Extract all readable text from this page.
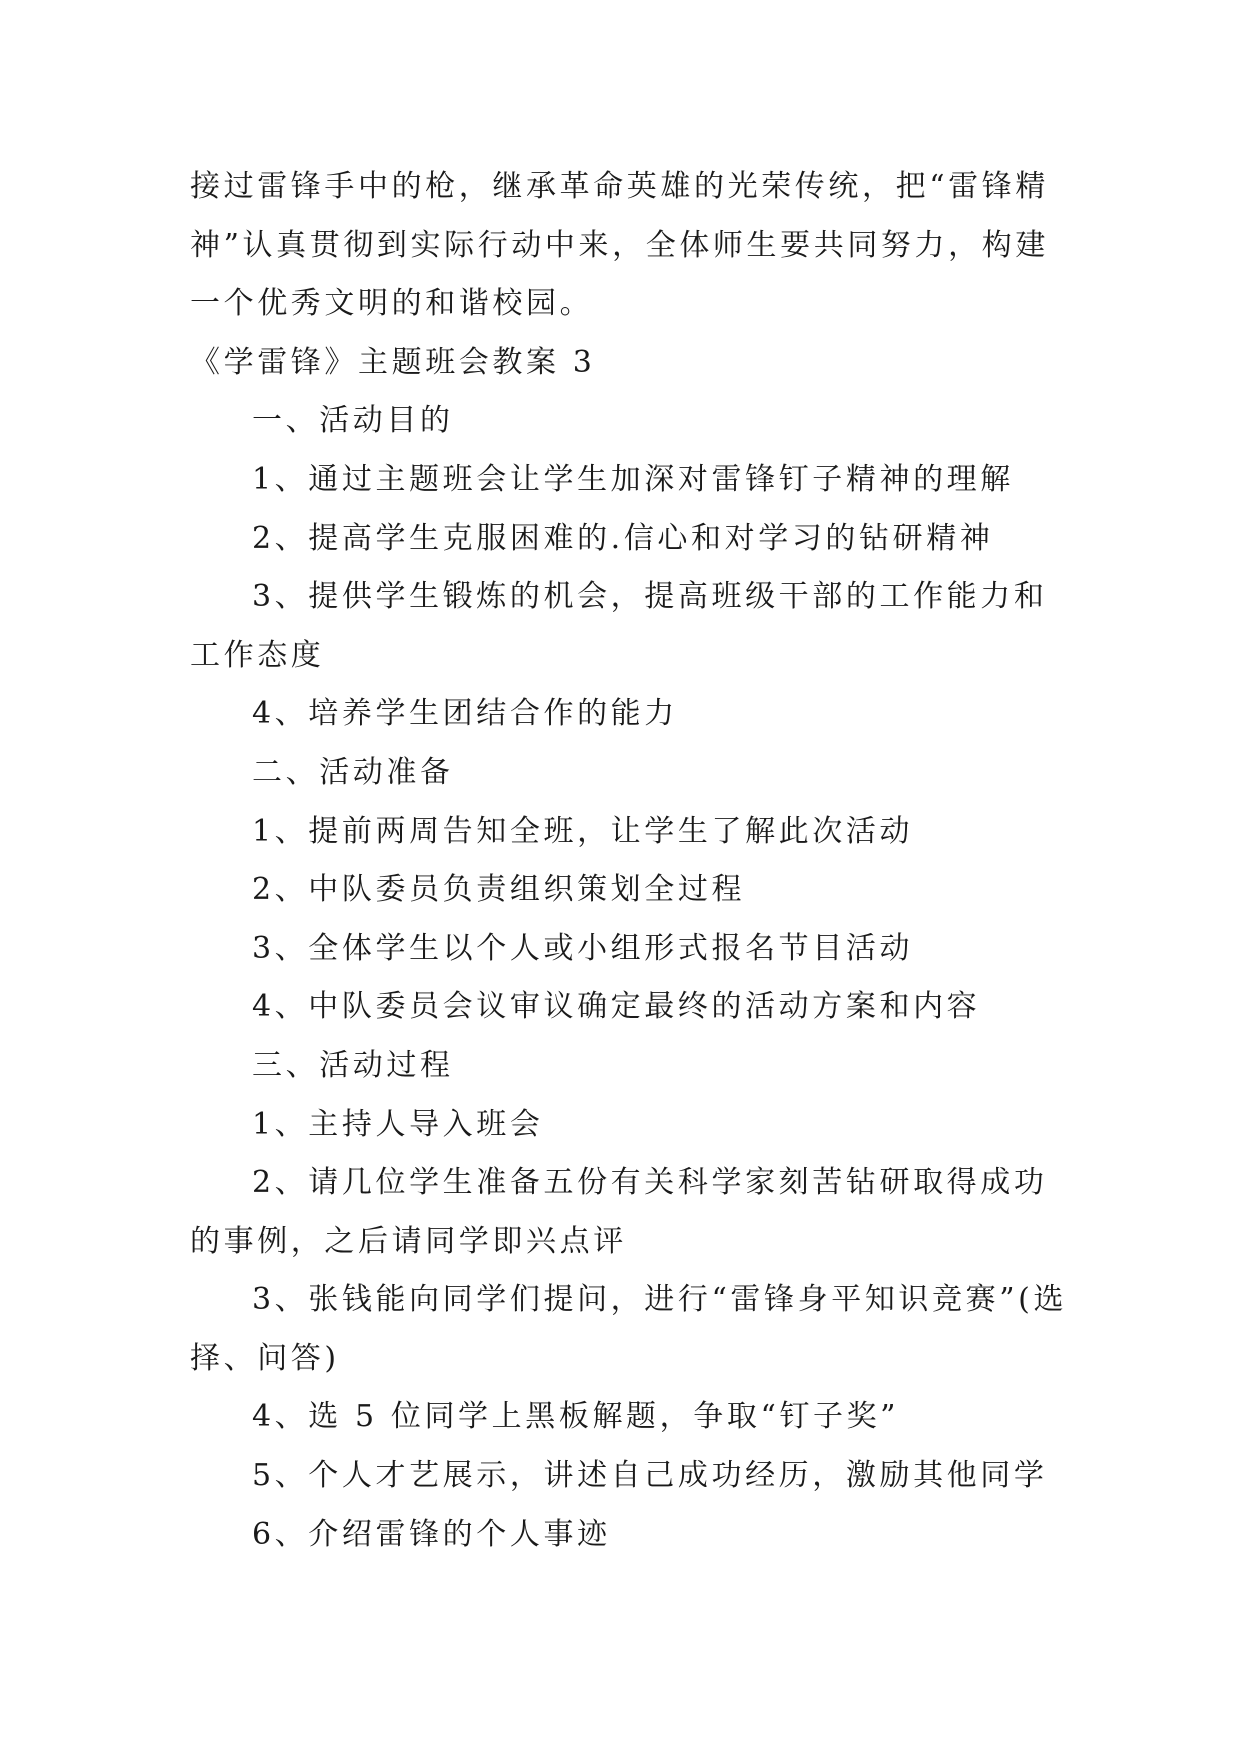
接过雷锋手中的枪，继承革命英雄的光荣传统，把“雷锋精

神”认真贯彻到实际行动中来，全体师生要共同努力，构建

一个优秀文明的和谐校园。

《学雷锋》主题班会教案 3

一、活动目的

1、通过主题班会让学生加深对雷锋钉子精神的理解

2、提高学生克服困难的.信心和对学习的钻研精神

3、提供学生锻炼的机会，提高班级干部的工作能力和

工作态度

4、培养学生团结合作的能力

二、活动准备

1、提前两周告知全班，让学生了解此次活动

2、中队委员负责组织策划全过程

3、全体学生以个人或小组形式报名节目活动

4、中队委员会议审议确定最终的活动方案和内容

三、活动过程

1、主持人导入班会

2、请几位学生准备五份有关科学家刻苦钻研取得成功

的事例，之后请同学即兴点评

3、张钱能向同学们提问，进行“雷锋身平知识竞赛”(选

择、问答)

4、选 5 位同学上黑板解题，争取“钉子奖”

5、个人才艺展示，讲述自己成功经历，激励其他同学

6、介绍雷锋的个人事迹
